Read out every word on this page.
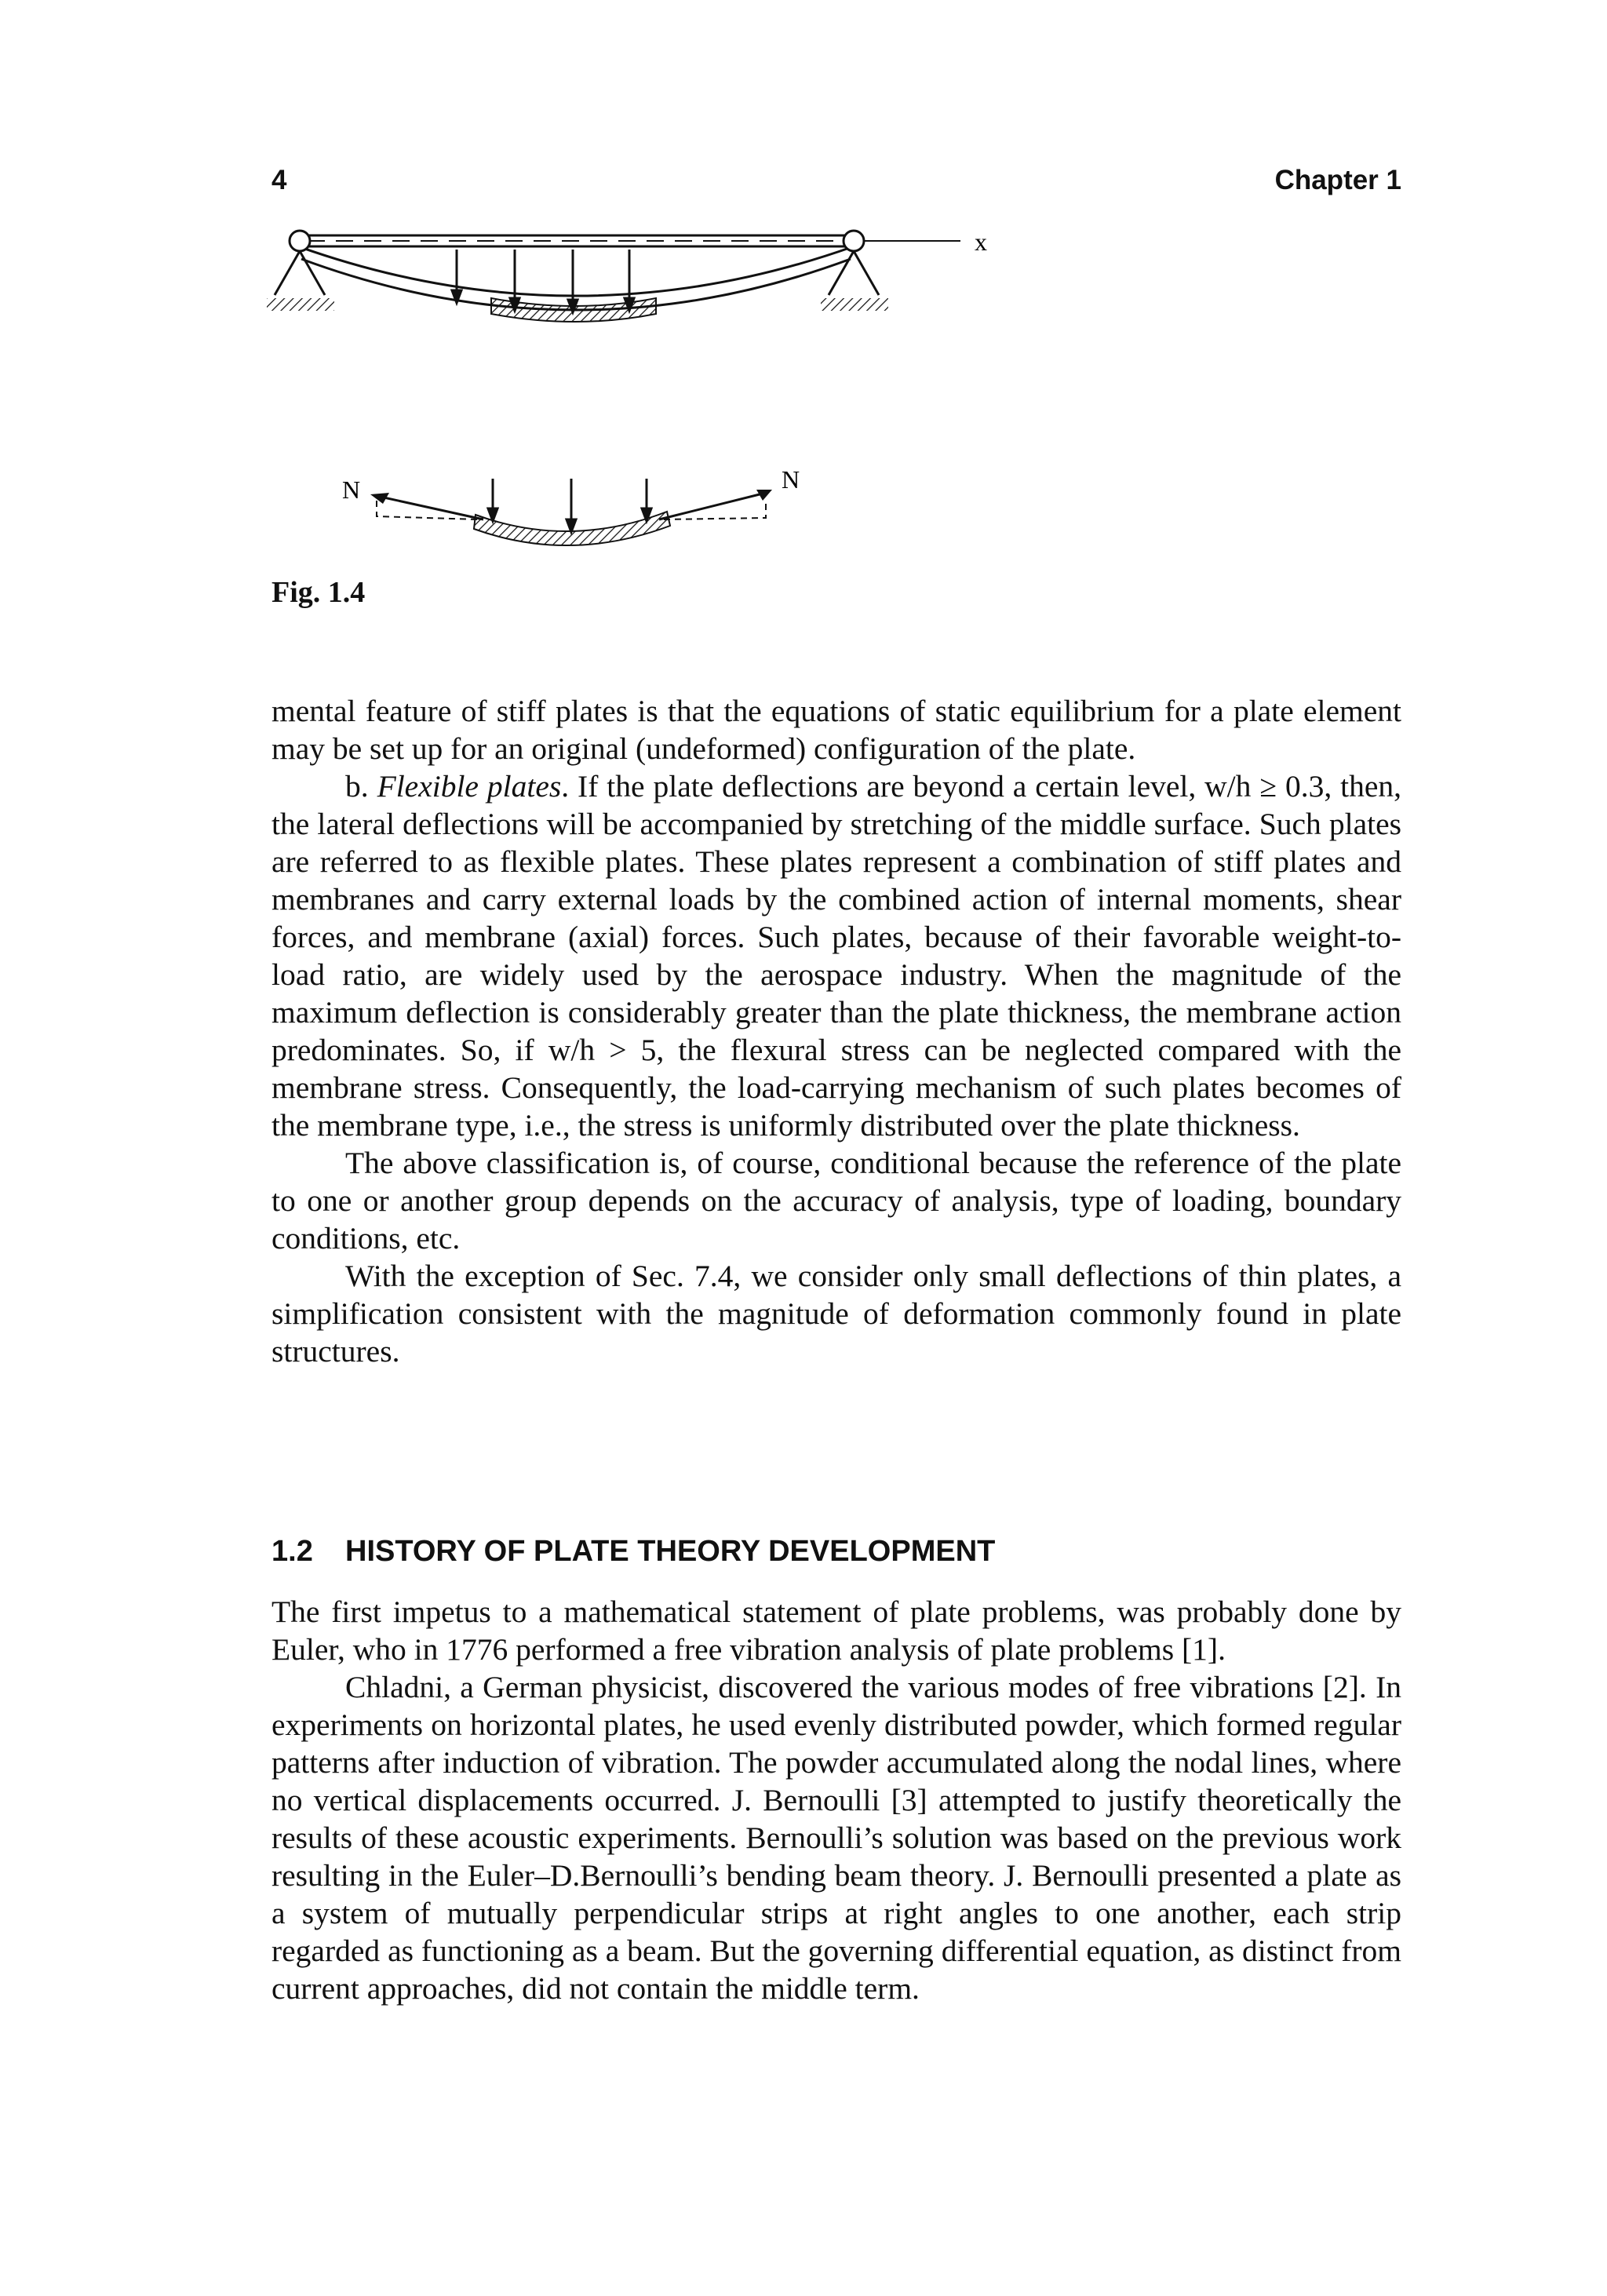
4	Chapter 1
x
N	N
Fig. 1.4

mental feature of stiff plates is that the equations of static equilibrium for a plate element may be set up for an original (undeformed) configuration of the plate.

b. Flexible plates. If the plate deflections are beyond a certain level, w/h ≥ 0.3, then, the lateral deflections will be accompanied by stretching of the middle surface. Such plates are referred to as flexible plates. These plates represent a combination of stiff plates and membranes and carry external loads by the combined action of internal moments, shear forces, and membrane (axial) forces. Such plates, because of their favorable weight-to-load ratio, are widely used by the aerospace industry. When the magnitude of the maximum deflection is considerably greater than the plate thickness, the membrane action predominates. So, if w/h > 5, the flexural stress can be neglected compared with the membrane stress. Consequently, the load-carrying mechanism of such plates becomes of the membrane type, i.e., the stress is uniformly distributed over the plate thickness.

The above classification is, of course, conditional because the reference of the plate to one or another group depends on the accuracy of analysis, type of loading, boundary conditions, etc.

With the exception of Sec. 7.4, we consider only small deflections of thin plates, a simplification consistent with the magnitude of deformation commonly found in plate structures.

1.2 HISTORY OF PLATE THEORY DEVELOPMENT

The first impetus to a mathematical statement of plate problems, was probably done by Euler, who in 1776 performed a free vibration analysis of plate problems [1].

Chladni, a German physicist, discovered the various modes of free vibrations [2]. In experiments on horizontal plates, he used evenly distributed powder, which formed regular patterns after induction of vibration. The powder accumulated along the nodal lines, where no vertical displacements occurred. J. Bernoulli [3] attempted to justify theoretically the results of these acoustic experiments. Bernoulli’s solution was based on the previous work resulting in the Euler–D.Bernoulli’s bending beam theory. J. Bernoulli presented a plate as a system of mutually perpendicular strips at right angles to one another, each strip regarded as functioning as a beam. But the governing differential equation, as distinct from current approaches, did not contain the middle term.
